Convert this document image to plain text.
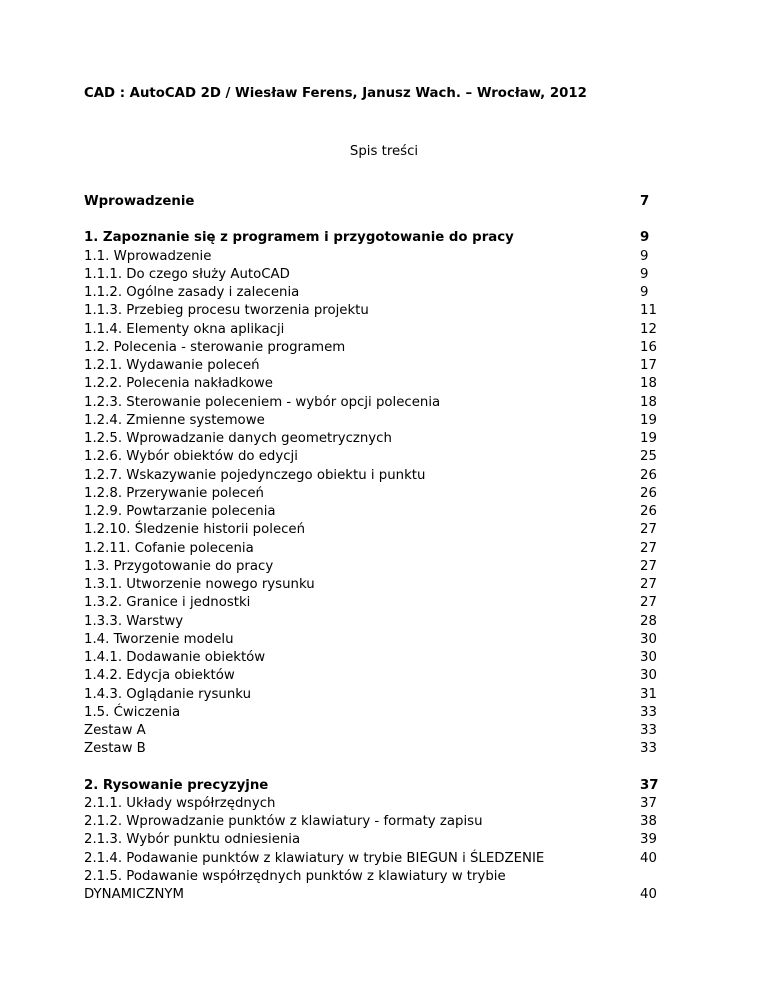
CAD : AutoCAD 2D / Wiesław Ferens, Janusz Wach. – Wrocław, 2012
Spis treści
Wprowadzenie	7
1. Zapoznanie się z programem i przygotowanie do pracy	9
1.1. Wprowadzenie	9
1.1.1. Do czego służy AutoCAD	9
1.1.2. Ogólne zasady i zalecenia	9
1.1.3. Przebieg procesu tworzenia projektu	11
1.1.4. Elementy okna aplikacji	12
1.2. Polecenia - sterowanie programem	16
1.2.1. Wydawanie poleceń	17
1.2.2. Polecenia nakładkowe	18
1.2.3. Sterowanie poleceniem - wybór opcji polecenia	18
1.2.4. Zmienne systemowe	19
1.2.5. Wprowadzanie danych geometrycznych	19
1.2.6. Wybór obiektów do edycji	25
1.2.7. Wskazywanie pojedynczego obiektu i punktu	26
1.2.8. Przerywanie poleceń	26
1.2.9. Powtarzanie polecenia	26
1.2.10. Śledzenie historii poleceń	27
1.2.11. Cofanie polecenia	27
1.3. Przygotowanie do pracy	27
1.3.1. Utworzenie nowego rysunku	27
1.3.2. Granice i jednostki	27
1.3.3. Warstwy	28
1.4. Tworzenie modelu	30
1.4.1. Dodawanie obiektów	30
1.4.2. Edycja obiektów	30
1.4.3. Oglądanie rysunku	31
1.5. Ćwiczenia	33
Zestaw A	33
Zestaw B	33
2. Rysowanie precyzyjne	37
2.1.1. Układy współrzędnych	37
2.1.2. Wprowadzanie punktów z klawiatury - formaty zapisu	38
2.1.3. Wybór punktu odniesienia	39
2.1.4. Podawanie punktów z klawiatury w trybie BIEGUN i ŚLEDZENIE	40
2.1.5. Podawanie współrzędnych punktów z klawiatury w trybie DYNAMICZNYM	40
